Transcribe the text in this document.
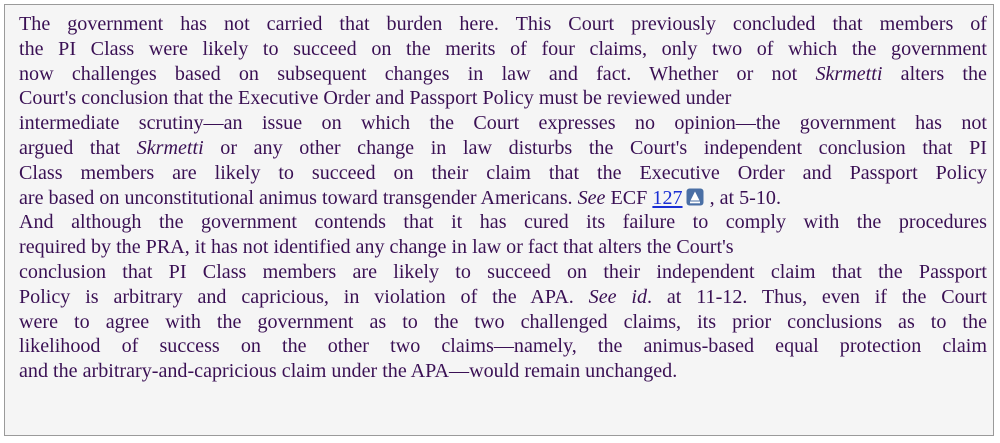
The government has not carried that burden here. This Court previously concluded that members of
the PI Class were likely to succeed on the merits of four claims, only two of which the government
now challenges based on subsequent changes in law and fact. Whether or not Skrmetti alters the
Court's conclusion that the Executive Order and Passport Policy must be reviewed under
intermediate scrutiny—an issue on which the Court expresses no opinion—the government has not
argued that Skrmetti or any other change in law disturbs the Court's independent conclusion that PI
Class members are likely to succeed on their claim that the Executive Order and Passport Policy
are based on unconstitutional animus toward transgender Americans. See ECF 127 , at 5-10.
And although the government contends that it has cured its failure to comply with the procedures
required by the PRA, it has not identified any change in law or fact that alters the Court's
conclusion that PI Class members are likely to succeed on their independent claim that the Passport
Policy is arbitrary and capricious, in violation of the APA. See id. at 11-12. Thus, even if the Court
were to agree with the government as to the two challenged claims, its prior conclusions as to the
likelihood of success on the other two claims—namely, the animus-based equal protection claim
and the arbitrary-and-capricious claim under the APA—would remain unchanged.
